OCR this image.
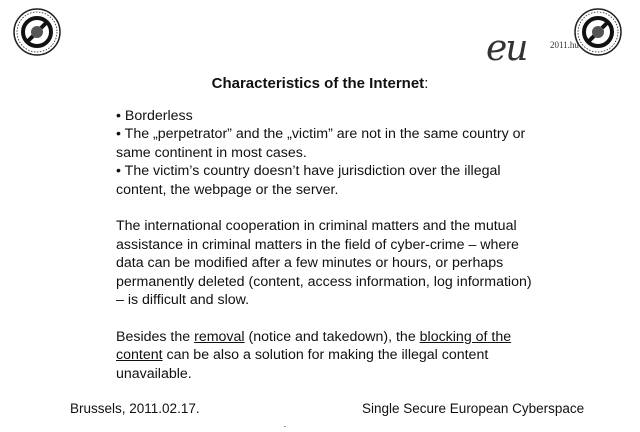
eu	2011.hu
Characteristics of the Internet:

• Borderless

• The „perpetrator” and the „victim” are not in the same country or same continent in most cases.

• The victim’s country doesn’t have jurisdiction over the illegal content, the webpage or the server.

The international cooperation in criminal matters and the mutual assistance in criminal matters in the field of cyber-crime – where data can be modified after a few minutes or hours, or perhaps permanently deleted (content, access information, log information) – is difficult and slow.

Besides the removal (notice and takedown), the blocking of the content can be also a solution for making the illegal content unavailable.

Brussels, 2011.02.17.	Single Secure European Cyberspace
